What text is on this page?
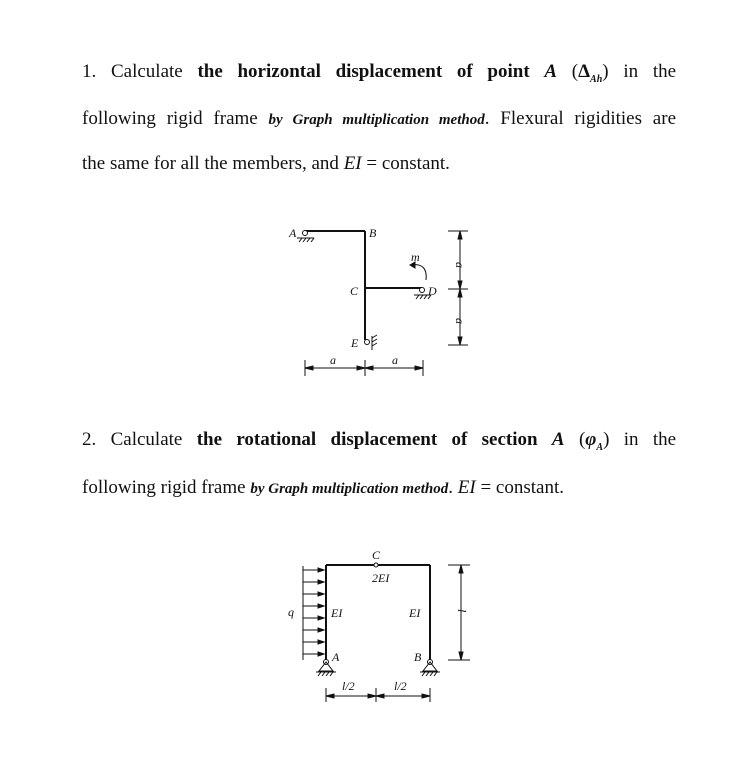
1. Calculate the horizontal displacement of point A $(\Delta_{Ah})$ in the
following rigid frame by Graph multiplication method. Flexural rigidities are
the same for all the members, and EI = constant.
A	B
C	D
E
m
a	a
a
a
2. Calculate the rotational displacement of section A $(\varphi_A)$ in the
following rigid frame by Graph multiplication method. EI = constant.
C
2EI
q	EI	EI
A	B
l/2	l/2
l
